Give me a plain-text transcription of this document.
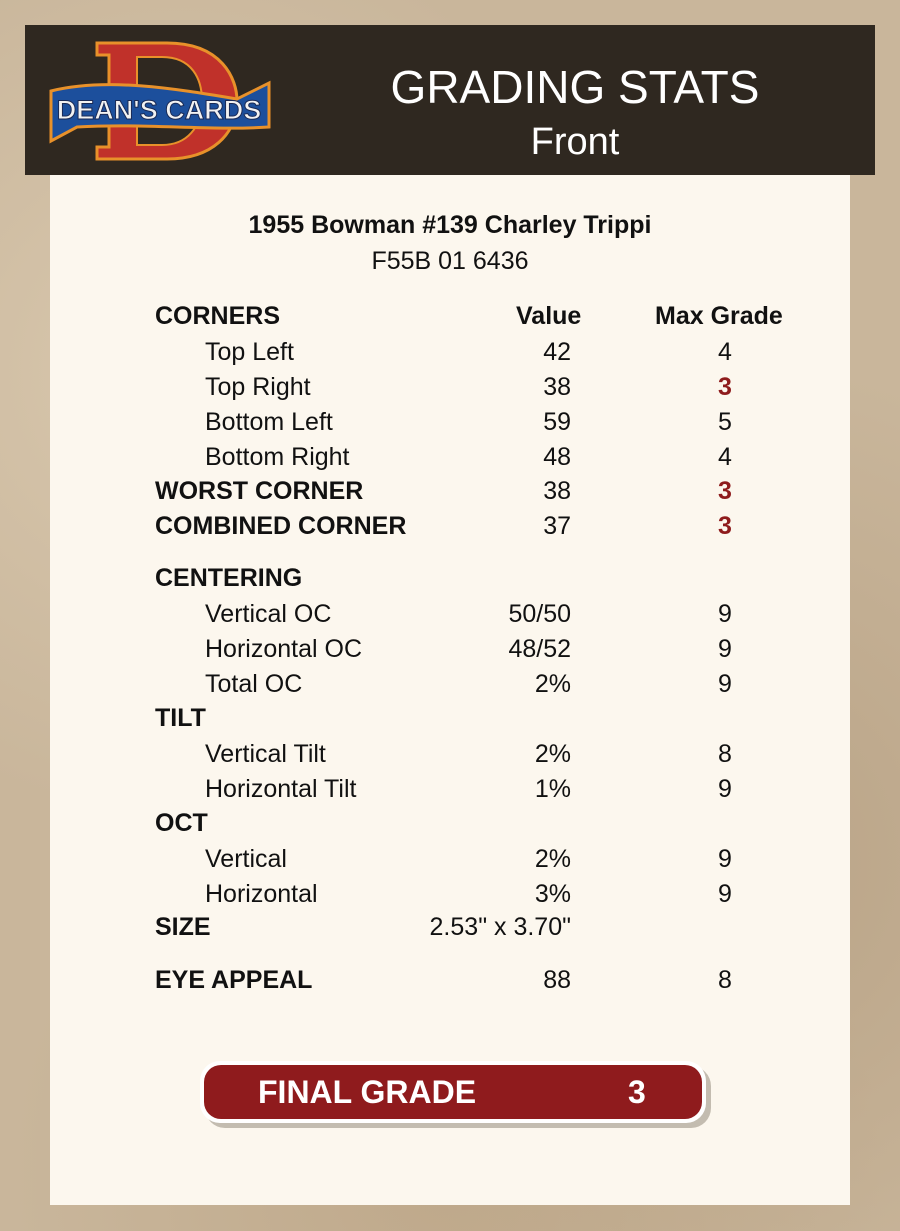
DEAN'S CARDS	GRADING STATS
Front
1955 Bowman #139 Charley Trippi
F55B 01 6436
CORNERS	Value	Max Grade
Top Left	42	4
Top Right	38	3
Bottom Left	59	5
Bottom Right	48	4
WORST CORNER	38	3
COMBINED CORNER	37	3
CENTERING
Vertical OC	50/50	9
Horizontal OC	48/52	9
Total OC	2%	9
TILT
Vertical Tilt	2%	8
Horizontal Tilt	1%	9
OCT
Vertical	2%	9
Horizontal	3%	9
SIZE	2.53" x 3.70"
EYE APPEAL	88	8
FINAL GRADE	3
